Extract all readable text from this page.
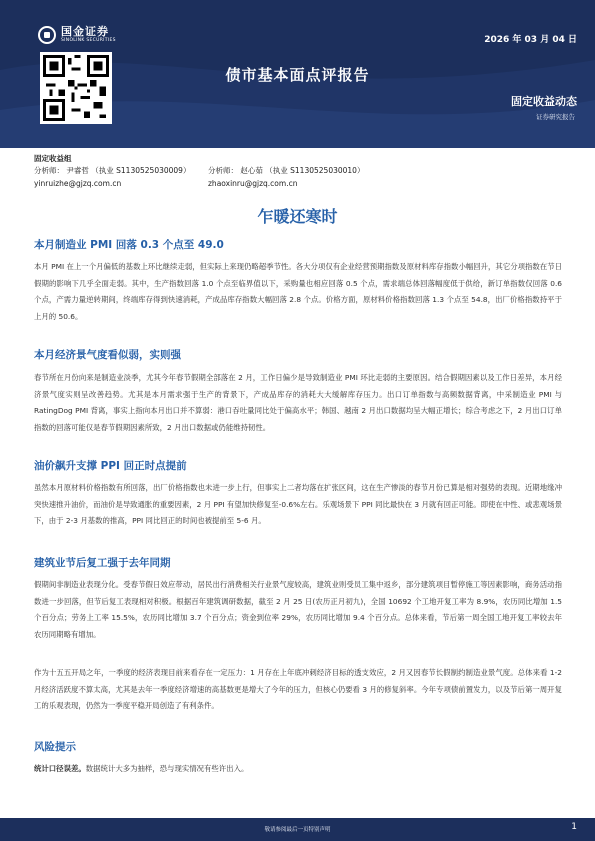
国金证券
SINOLINK SECURITIES	2026 年 03 月 04 日
债市基本面点评报告
固定收益动态
证券研究报告
固定收益组
分析师： 尹睿哲 （执业 S1130525030009）
yinruizhe@gjzq.com.cn
分析师： 赵心茹 （执业 S1130525030010）
zhaoxinru@gjzq.com.cn
乍暖还寒时
本月制造业 PMI 回落 0.3 个点至 49.0
本月 PMI 在上一个月偏低的基数上环比继续走弱，但实际上来现仍略超季节性。各大分项仅有企业经营预期指数及原材料库存指数小幅回升，其它分项指数在节日假期的影响下几乎全面走弱。其中，生产指数回落 1.0 个点至临界值以下，采购量也相应回落 0.5 个点，需求端总体回落幅度低于供给，新订单指数仅回落 0.6 个点，产需力量逆转期间，终端库存得到快速消耗，产成品库存指数大幅回落 2.8 个点。价格方面，原材料价格指数回落 1.3 个点至 54.8，出厂价格指数持平于上月的 50.6。
本月经济景气度看似弱，实则强
春节所在月份向来是制造业淡季，尤其今年春节假期全部落在 2 月，工作日偏少是导致制造业 PMI 环比走弱的主要原因。结合假期因素以及工作日差异，本月经济景气度实则呈改善趋势。尤其是本月需求强于生产的背景下，产成品库存的消耗大大缓解库存压力。出口订单指数与高频数据背离，中采制造业 PMI 与 RatingDog PMI 背离，事实上指向本月出口并不算弱：港口吞吐量同比处于偏高水平；韩国、越南 2 月出口数据均呈大幅正增长；综合考虑之下，2 月出口订单指数的回落可能仅是春节假期因素所致，2 月出口数据或仍能维持韧性。
油价飙升支撑 PPI 回正时点提前
虽然本月原材料价格指数有所回落，出厂价格指数也未进一步上行，但事实上二者均落在扩张区间，这在生产惨淡的春节月份已算是相对强势的表现。近期地缘冲突快速推升油价，而油价是导致通胀的重要因素，2 月 PPI 有望加快修复至-0.6%左右。乐观场景下 PPI 同比最快在 3 月就有回正可能。即使在中性、或悲观场景下，由于 2-3 月基数的推高，PPI 同比回正的时间也被提前至 5-6 月。
建筑业节后复工强于去年同期
假期间非制造业表现分化。受春节假日效应带动，居民出行消费相关行业景气度较高，建筑业则受员工集中返乡，部分建筑项目暂停施工等因素影响，商务活动指数进一步回落，但节后复工表现相对积极。根据百年建筑调研数据，截至 2 月 25 日(农历正月初九)，全国 10692 个工地开复工率为 8.9%，农历同比增加 1.5 个百分点；劳务上工率 15.5%，农历同比增加 3.7 个百分点；资金到位率 29%，农历同比增加 9.4 个百分点。总体来看，节后第一周全国工地开复工率较去年农历同期略有增加。
作为十五五开局之年，一季度的经济表现目前来看存在一定压力：1 月存在上年底冲刺经济目标的透支效应，2 月又因春节长假制约制造业景气度。总体来看 1-2 月经济活跃度不算太高，尤其是去年一季度经济增速的高基数更是增大了今年的压力，但核心仍要看 3 月的修复斜率。今年专项债前置发力，以及节后第一周开复工的乐观表现，仍然为一季度平稳开局创造了有利条件。
风险提示
统计口径误差。数据统计大多为抽样，恐与现实情况有些许出入。
敬请参阅最后一页特别声明	1
